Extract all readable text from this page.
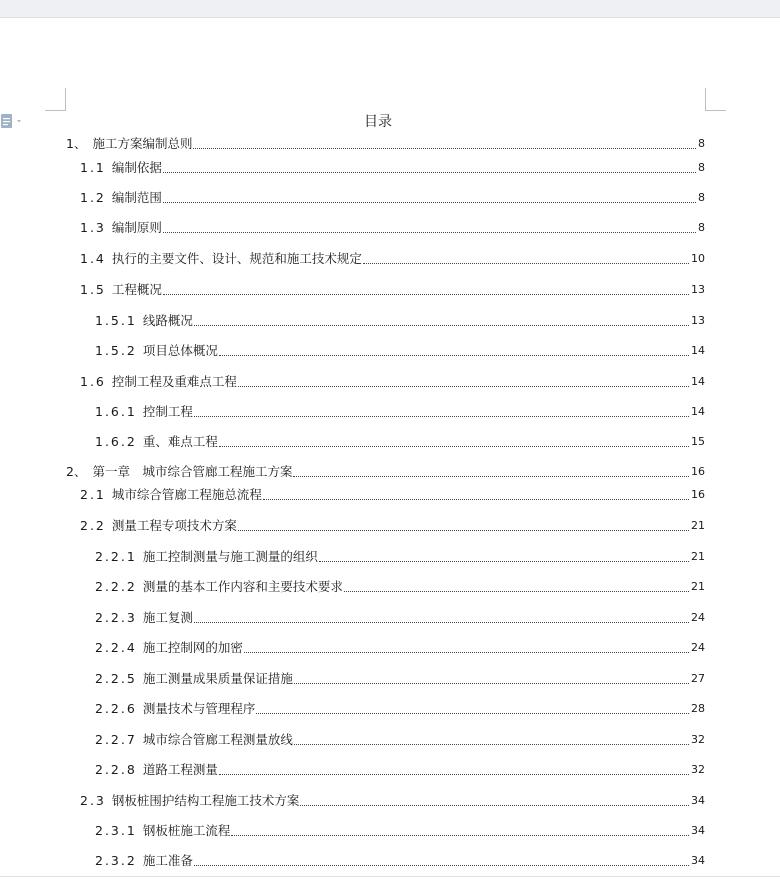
目录
1、 施工方案编制总则	8
1.1 编制依据	8
1.2 编制范围	8
1.3 编制原则	8
1.4 执行的主要文件、设计、规范和施工技术规定	10
1.5 工程概况	13
1.5.1 线路概况	13
1.5.2 项目总体概况	14
1.6 控制工程及重难点工程	14
1.6.1 控制工程	14
1.6.2 重、难点工程	15
2、 第一章　城市综合管廊工程施工方案	16
2.1 城市综合管廊工程施总流程	16
2.2 测量工程专项技术方案	21
2.2.1 施工控制测量与施工测量的组织	21
2.2.2 测量的基本工作内容和主要技术要求	21
2.2.3 施工复测	24
2.2.4 施工控制网的加密	24
2.2.5 施工测量成果质量保证措施	27
2.2.6 测量技术与管理程序	28
2.2.7 城市综合管廊工程测量放线	32
2.2.8 道路工程测量	32
2.3 钢板桩围护结构工程施工技术方案	34
2.3.1 钢板桩施工流程	34
2.3.2 施工准备	34
